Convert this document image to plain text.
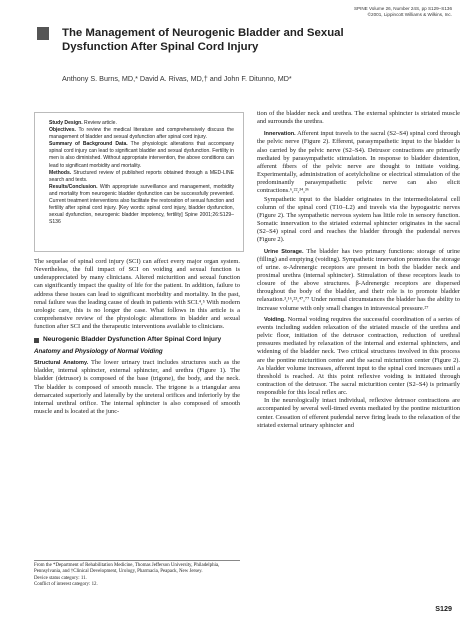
SPINE Volume 26, Number 24S, pp S129–S136
©2001, Lippincott Williams & Wilkins, Inc.
The Management of Neurogenic Bladder and Sexual
Dysfunction After Spinal Cord Injury
Anthony S. Burns, MD,* David A. Rivas, MD,† and John F. Ditunno, MD*

Study Design. Review article.

Objectives. To review the medical literature and comprehensively discuss the management of bladder and sexual dysfunction after spinal cord injury.

Summary of Background Data. The physiologic alterations that accompany spinal cord injury can lead to significant bladder and sexual dysfunction. Fertility in men is also diminished. Without appropriate intervention, the above conditions can lead to significant morbidity and mortality.

Methods. Structured review of published reports obtained through a MED-LINE search and texts.

Results/Conclusion. With appropriate surveillance and management, morbidity and mortality from neurogenic bladder dysfunction can be successfully prevented. Current treatment interventions also facilitate the restoration of sexual function and fertility after spinal cord injury. [Key words: spinal cord injury, bladder dysfunction, sexual dysfunction, neurogenic bladder impotency, fertility] Spine 2001;26:S129–S136

The sequelae of spinal cord injury (SCI) can affect every major organ system. Nevertheless, the full impact of SCI on voiding and sexual function is underappreciated by many clinicians. Altered micturition and sexual function can significantly impact the quality of life for the patient. In addition, failure to address these issues can lead to significant morbidity and mortality. In the past, renal failure was the leading cause of death in patients with SCI.⁴,⁵ With modern urologic care, this is no longer the case. What follows in this article is a comprehensive review of the physiologic alterations in bladder and sexual function after SCI and the therapeutic interventions available to clinicians.

Neurogenic Bladder Dysfunction After Spinal Cord Injury
Anatomy and Physiology of Normal Voiding

Structural Anatomy. The lower urinary tract includes structures such as the bladder, internal sphincter, external sphincter, and urethra (Figure 1). The bladder (detrusor) is composed of the base (trigone), the body, and the neck. The bladder is composed of smooth muscle. The trigone is a triangular area demarcated superiorly and laterally by the ureteral orifices and inferiorly by the internal urethral orifice. The internal sphincter is also composed of smooth muscle and is located at the junc-

From the *Department of Rehabilitation Medicine, Thomas Jefferson University, Philadelphia, Pennsylvania, and †Clinical Development, Urology, Pharmacia, Peapack, New Jersey.

Device status category: 11.

Conflict of interest category: 12.

tion of the bladder neck and urethra. The external sphincter is striated muscle and surrounds the urethra.

Innervation. Afferent input travels to the sacral (S2–S4) spinal cord through the pelvic nerve (Figure 2). Efferent, parasympathetic input to the bladder is also carried by the pelvic nerve (S2–S4). Detrusor contractions are primarily mediated by parasympathetic stimulation. In response to bladder distention, afferent fibers of the pelvic nerve are thought to initiate voiding. Experimentally, administration of acetylcholine or electrical stimulation of the predominantly parasympathetic pelvic nerve can also elicit contractions.⁶,²²,³⁴,³⁶

Sympathetic input to the bladder originates in the intermediolateral cell column of the spinal cord (T10–L2) and travels via the hypogastric nerves (Figure 2). The sympathetic nervous system has little role in sensory function. Somatic innervation to the striated external sphincter originates in the sacral (S2–S4) spinal cord and reaches the bladder through the pudendal nerves (Figure 2).

Urine Storage. The bladder has two primary functions: storage of urine (filling) and emptying (voiding). Sympathetic innervation promotes the storage of urine. α-Adrenergic receptors are present in both the bladder neck and proximal urethra (internal sphincter). Stimulation of these receptors leads to closure of the above structures. β-Adrenergic receptors are dispersed throughout the body of the bladder, and their role is to promote bladder relaxation.³,¹⁶,²³,⁴⁷,⁷⁷ Under normal circumstances the bladder has the ability to increase volume with only small changes in intravesical pressure.²⁷

Voiding. Normal voiding requires the successful coordination of a series of events including sudden relaxation of the striated muscle of the urethra and pelvic floor, initiation of the detrusor contraction, reduction of urethral pressures mediated by relaxation of the internal and external sphincters, and widening of the bladder neck. Two critical structures involved in this process are the pontine micturition center and the sacral micturition center (Figure 2). As bladder volume increases, afferent input to the spinal cord increases until a threshold is reached. At this point reflexive voiding is initiated through contraction of the detrusor. The sacral micturition center (S2–S4) is primarily responsible for this local reflex arc.

In the neurologically intact individual, reflexive detrusor contractions are accompanied by several well-timed events mediated by the pontine micturition center. Cessation of efferent pudendal nerve firing leads to the relaxation of the striated external urinary sphincter and

S129
